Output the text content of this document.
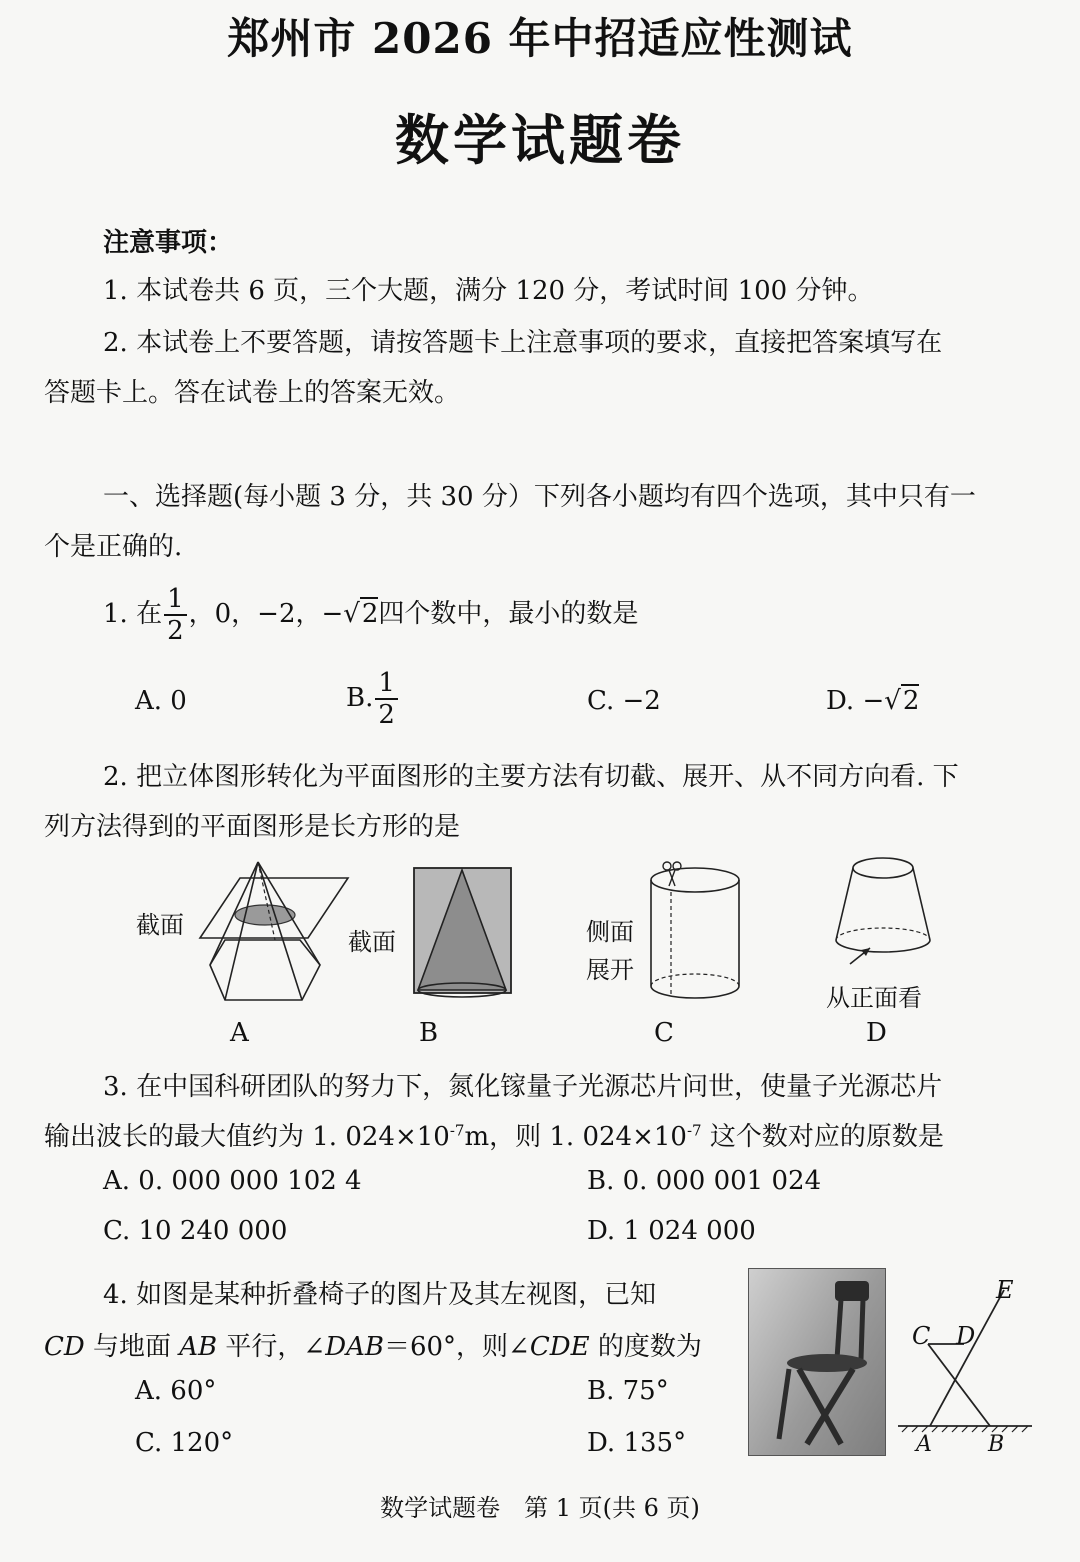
郑州市 2026 年中招适应性测试
数学试题卷
注意事项：
1. 本试卷共 6 页，三个大题，满分 120 分，考试时间 100 分钟。
2. 本试卷上不要答题，请按答题卡上注意事项的要求，直接把答案填写在
答题卡上。答在试卷上的答案无效。
一、选择题(每小题 3 分，共 30 分）下列各小题均有四个选项，其中只有一
个是正确的.
1. 在 $\frac{1}{2}$ ，0，−2，−√2四个数中，最小的数是
A. 0	B. $\frac{1}{2}$	C. −2	D. −√2
2. 把立体图形转化为平面图形的主要方法有切截、展开、从不同方向看. 下
列方法得到的平面图形是长方形的是
截面
截面	侧面
展开
从正面看
A	B	C	D
3. 在中国科研团队的努力下，氮化镓量子光源芯片问世，使量子光源芯片
输出波长的最大值约为 1. $024\times 10^{-7}m$，则 1. $024\times 10^{-7}$ 这个数对应的原数是
A. 0. 000 000 102 4	B. 0. 000 001 024
C. 10 240 000	D. 1 024 000
4. 如图是某种折叠椅子的图片及其左视图，已知
CD 与地面 AB 平行，∠DAB＝60°，则∠CDE 的度数为
A. 60°	B. 75°
C. 120°	D. 135°
C D
E
A	B
数学试题卷　第 1 页(共 6 页)
